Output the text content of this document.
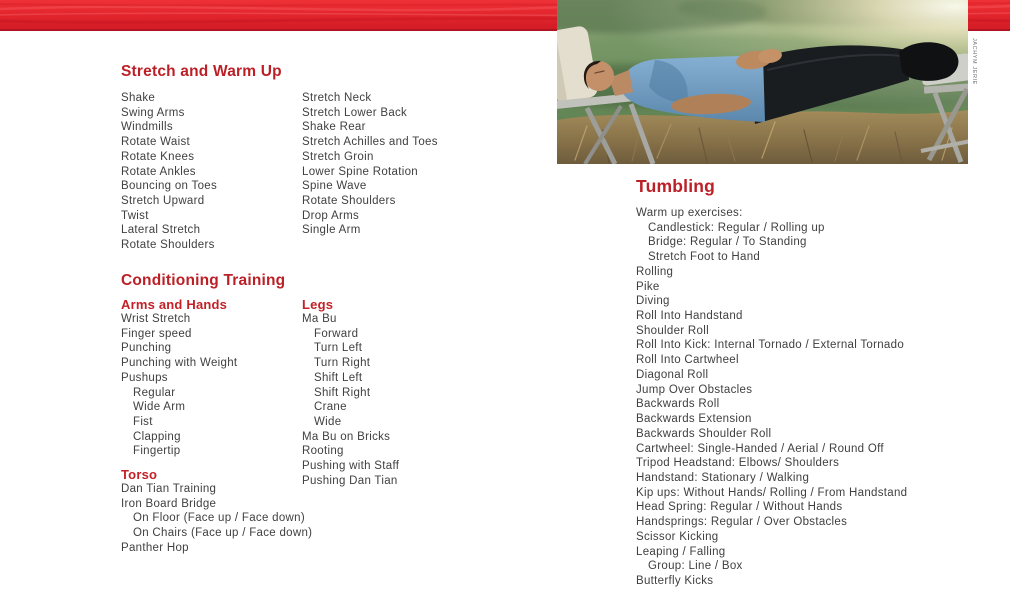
JACHYM JERIE
Stretch and Warm Up
Shake
Swing Arms
Windmills
Rotate Waist
Rotate Knees
Rotate Ankles
Bouncing on Toes
Stretch Upward
Twist
Lateral Stretch
Rotate Shoulders
Stretch Neck
Stretch Lower Back
Shake Rear
Stretch Achilles and Toes
Stretch Groin
Lower Spine Rotation
Spine Wave
Rotate Shoulders
Drop Arms
Single Arm
Conditioning Training
Arms and Hands
Wrist Stretch
Finger speed
Punching
Punching with Weight
Pushups
Regular
Wide Arm
Fist
Clapping
Fingertip
Torso
Dan Tian Training
Iron Board Bridge
On Floor (Face up / Face down)
On Chairs (Face up / Face down)
Panther Hop
Legs
Ma Bu
Forward
Turn Left
Turn Right
Shift Left
Shift Right
Crane
Wide
Ma Bu on Bricks
Rooting
Pushing with Staff
Pushing Dan Tian
Tumbling
Warm up exercises:
Candlestick: Regular / Rolling up
Bridge: Regular / To Standing
Stretch Foot to Hand
Rolling
Pike
Diving
Roll Into Handstand
Shoulder Roll
Roll Into Kick: Internal Tornado / External Tornado
Roll Into Cartwheel
Diagonal Roll
Jump Over Obstacles
Backwards Roll
Backwards Extension
Backwards Shoulder Roll
Cartwheel: Single-Handed / Aerial / Round Off
Tripod Headstand: Elbows/ Shoulders
Handstand: Stationary / Walking
Kip ups: Without Hands/ Rolling / From Handstand
Head Spring: Regular / Without Hands
Handsprings: Regular / Over Obstacles
Scissor Kicking
Leaping / Falling
Group: Line / Box
Butterfly Kicks
